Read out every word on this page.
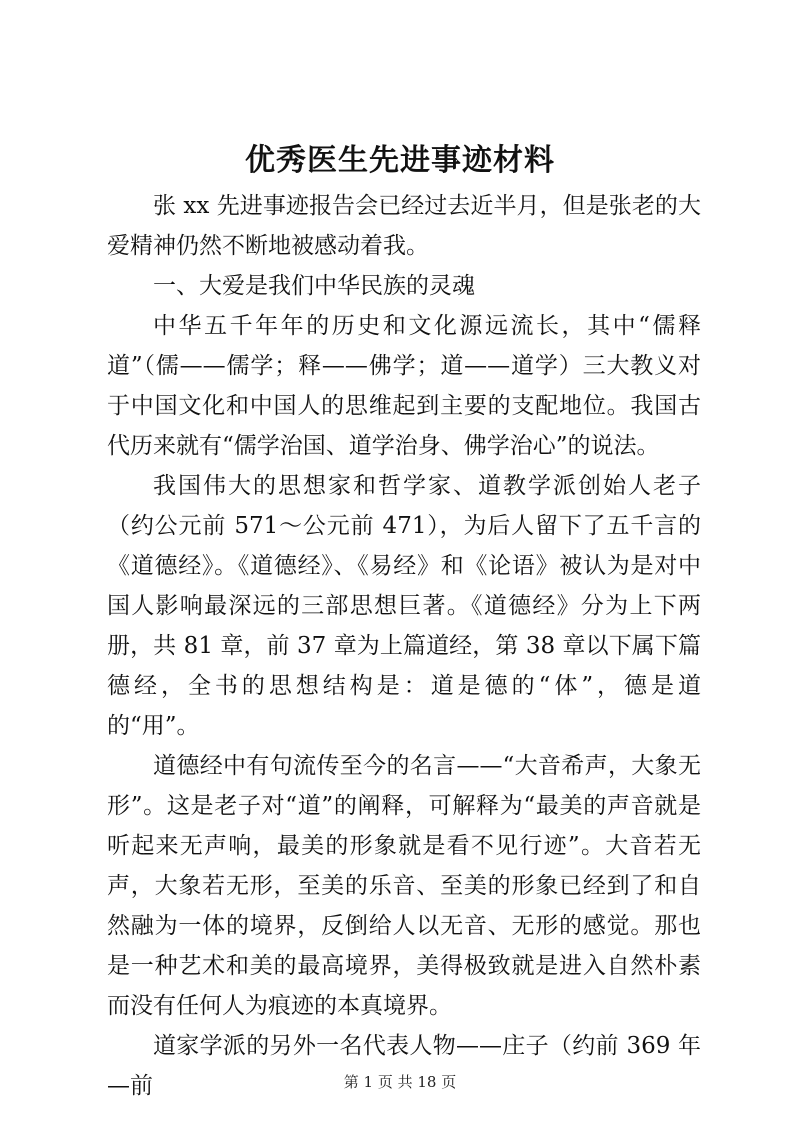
优秀医生先进事迹材料

张 xx 先进事迹报告会已经过去近半月，但是张老的大爱精神仍然不断地被感动着我。

一、大爱是我们中华民族的灵魂

中华五千年年的历史和文化源远流长，其中“儒释道”（儒——儒学；释——佛学；道——道学）三大教义对于中国文化和中国人的思维起到主要的支配地位。我国古代历来就有“儒学治国、道学治身、佛学治心”的说法。

我国伟大的思想家和哲学家、道教学派创始人老子（约公元前 571～公元前 471），为后人留下了五千言的《道德经》。《道德经》、《易经》和《论语》被认为是对中国人影响最深远的三部思想巨著。《道德经》分为上下两册，共 81 章，前 37 章为上篇道经，第 38 章以下属下篇德经，全书的思想结构是：道是德的“体”，德是道的“用”。

道德经中有句流传至今的名言——“大音希声，大象无形”。这是老子对“道”的阐释，可解释为“最美的声音就是听起来无声响，最美的形象就是看不见行迹”。大音若无声，大象若无形，至美的乐音、至美的形象已经到了和自然融为一体的境界，反倒给人以无音、无形的感觉。那也是一种艺术和美的最高境界，美得极致就是进入自然朴素而没有任何人为痕迹的本真境界。

道家学派的另外一名代表人物——庄子（约前 369 年—前	第 1 页 共 18 页
